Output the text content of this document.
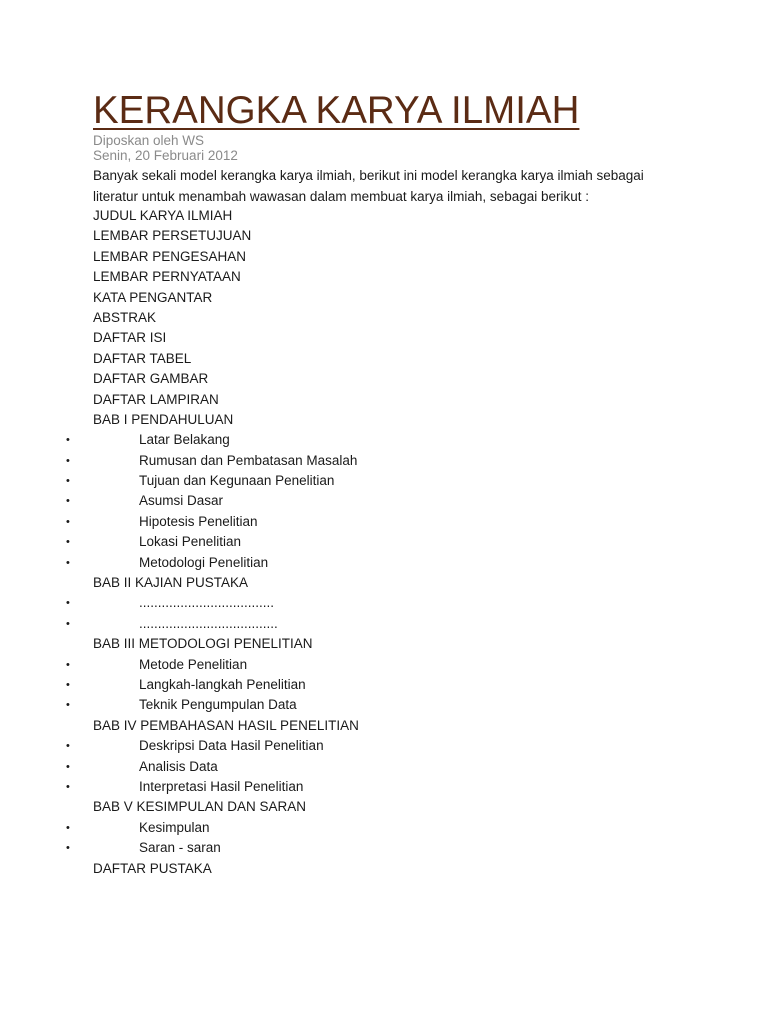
KERANGKA KARYA ILMIAH
Diposkan oleh WS
Senin, 20 Februari 2012
Banyak sekali model kerangka karya ilmiah, berikut ini model kerangka karya ilmiah sebagai
literatur untuk menambah wawasan dalam membuat karya ilmiah, sebagai berikut :
JUDUL KARYA ILMIAH
LEMBAR PERSETUJUAN
LEMBAR PENGESAHAN
LEMBAR PERNYATAAN
KATA PENGANTAR
ABSTRAK
DAFTAR ISI
DAFTAR TABEL
DAFTAR GAMBAR
DAFTAR LAMPIRAN
BAB I PENDAHULUAN
•	Latar Belakang
•	Rumusan dan Pembatasan Masalah
•	Tujuan dan Kegunaan Penelitian
•	Asumsi Dasar
•	Hipotesis Penelitian
•	Lokasi Penelitian
•	Metodologi Penelitian
BAB II KAJIAN PUSTAKA
•	....................................
•	.....................................
BAB III METODOLOGI PENELITIAN
•	Metode Penelitian
•	Langkah-langkah Penelitian
•	Teknik Pengumpulan Data
BAB IV PEMBAHASAN HASIL PENELITIAN
•	Deskripsi Data Hasil Penelitian
•	Analisis Data
•	Interpretasi Hasil Penelitian
BAB V KESIMPULAN DAN SARAN
•	Kesimpulan
•	Saran - saran
DAFTAR PUSTAKA
